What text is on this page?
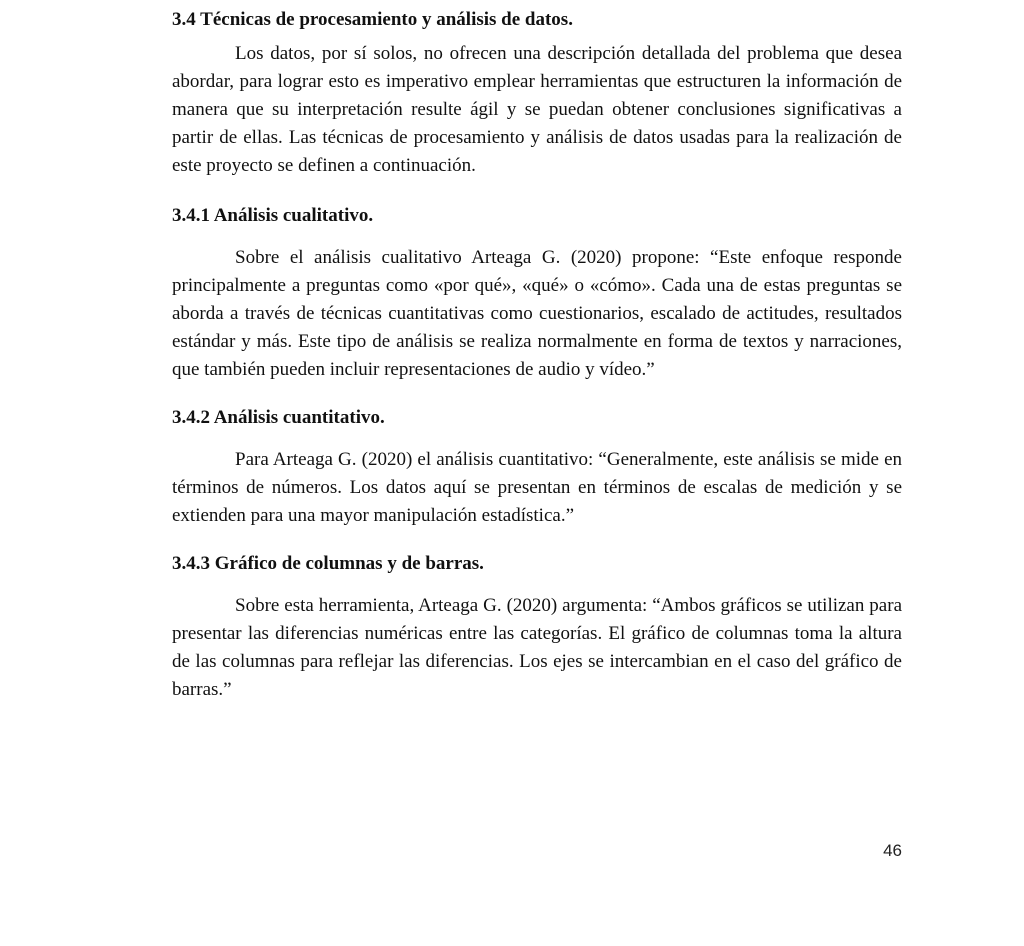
3.4 Técnicas de procesamiento y análisis de datos.

Los datos, por sí solos, no ofrecen una descripción detallada del problema que desea abordar, para lograr esto es imperativo emplear herramientas que estructuren la información de manera que su interpretación resulte ágil y se puedan obtener conclusiones significativas a partir de ellas. Las técnicas de procesamiento y análisis de datos usadas para la realización de este proyecto se definen a continuación.

3.4.1 Análisis cualitativo.

Sobre el análisis cualitativo Arteaga G. (2020) propone: “Este enfoque responde principalmente a preguntas como «por qué», «qué» o «cómo». Cada una de estas preguntas se aborda a través de técnicas cuantitativas como cuestionarios, escalado de actitudes, resultados estándar y más. Este tipo de análisis se realiza normalmente en forma de textos y narraciones, que también pueden incluir representaciones de audio y vídeo.”

3.4.2 Análisis cuantitativo.

Para Arteaga G. (2020) el análisis cuantitativo: “Generalmente, este análisis se mide en términos de números. Los datos aquí se presentan en términos de escalas de medición y se extienden para una mayor manipulación estadística.”

3.4.3 Gráfico de columnas y de barras.

Sobre esta herramienta, Arteaga G. (2020) argumenta: “Ambos gráficos se utilizan para presentar las diferencias numéricas entre las categorías. El gráfico de columnas toma la altura de las columnas para reflejar las diferencias. Los ejes se intercambian en el caso del gráfico de barras.”

46
